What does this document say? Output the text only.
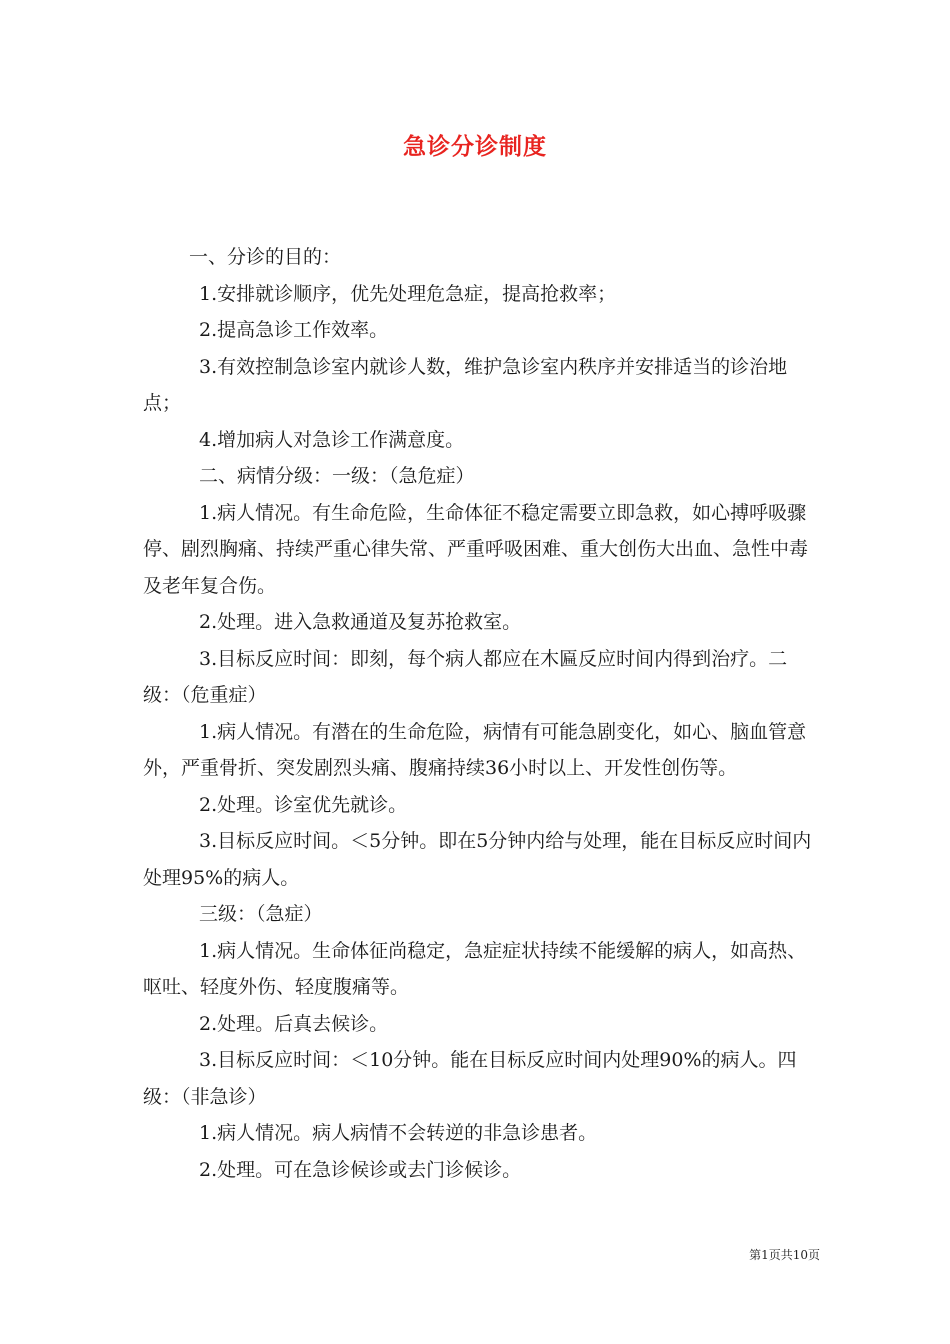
急诊分诊制度

一、分诊的目的：

1.安排就诊顺序，优先处理危急症，提高抢救率；

2.提高急诊工作效率。

3.有效控制急诊室内就诊人数，维护急诊室内秩序并安排适当的诊治地点；

4.增加病人对急诊工作满意度。

二、病情分级：一级：（急危症）

1.病人情况。有生命危险，生命体征不稳定需要立即急救，如心搏呼吸骤停、剧烈胸痛、持续严重心律失常、严重呼吸困难、重大创伤大出血、急性中毒及老年复合伤。

2.处理。进入急救通道及复苏抢救室。

3.目标反应时间：即刻，每个病人都应在木匾反应时间内得到治疗。二级：（危重症）

1.病人情况。有潜在的生命危险，病情有可能急剧变化，如心、脑血管意外，严重骨折、突发剧烈头痛、腹痛持续36小时以上、开发性创伤等。

2.处理。诊室优先就诊。

3.目标反应时间。＜5分钟。即在5分钟内给与处理，能在目标反应时间内处理95%的病人。

三级：（急症）

1.病人情况。生命体征尚稳定，急症症状持续不能缓解的病人，如高热、呕吐、轻度外伤、轻度腹痛等。

2.处理。后真去候诊。

3.目标反应时间：＜10分钟。能在目标反应时间内处理90%的病人。四级：（非急诊）

1.病人情况。病人病情不会转逆的非急诊患者。

2.处理。可在急诊候诊或去门诊候诊。

第1页共10页
